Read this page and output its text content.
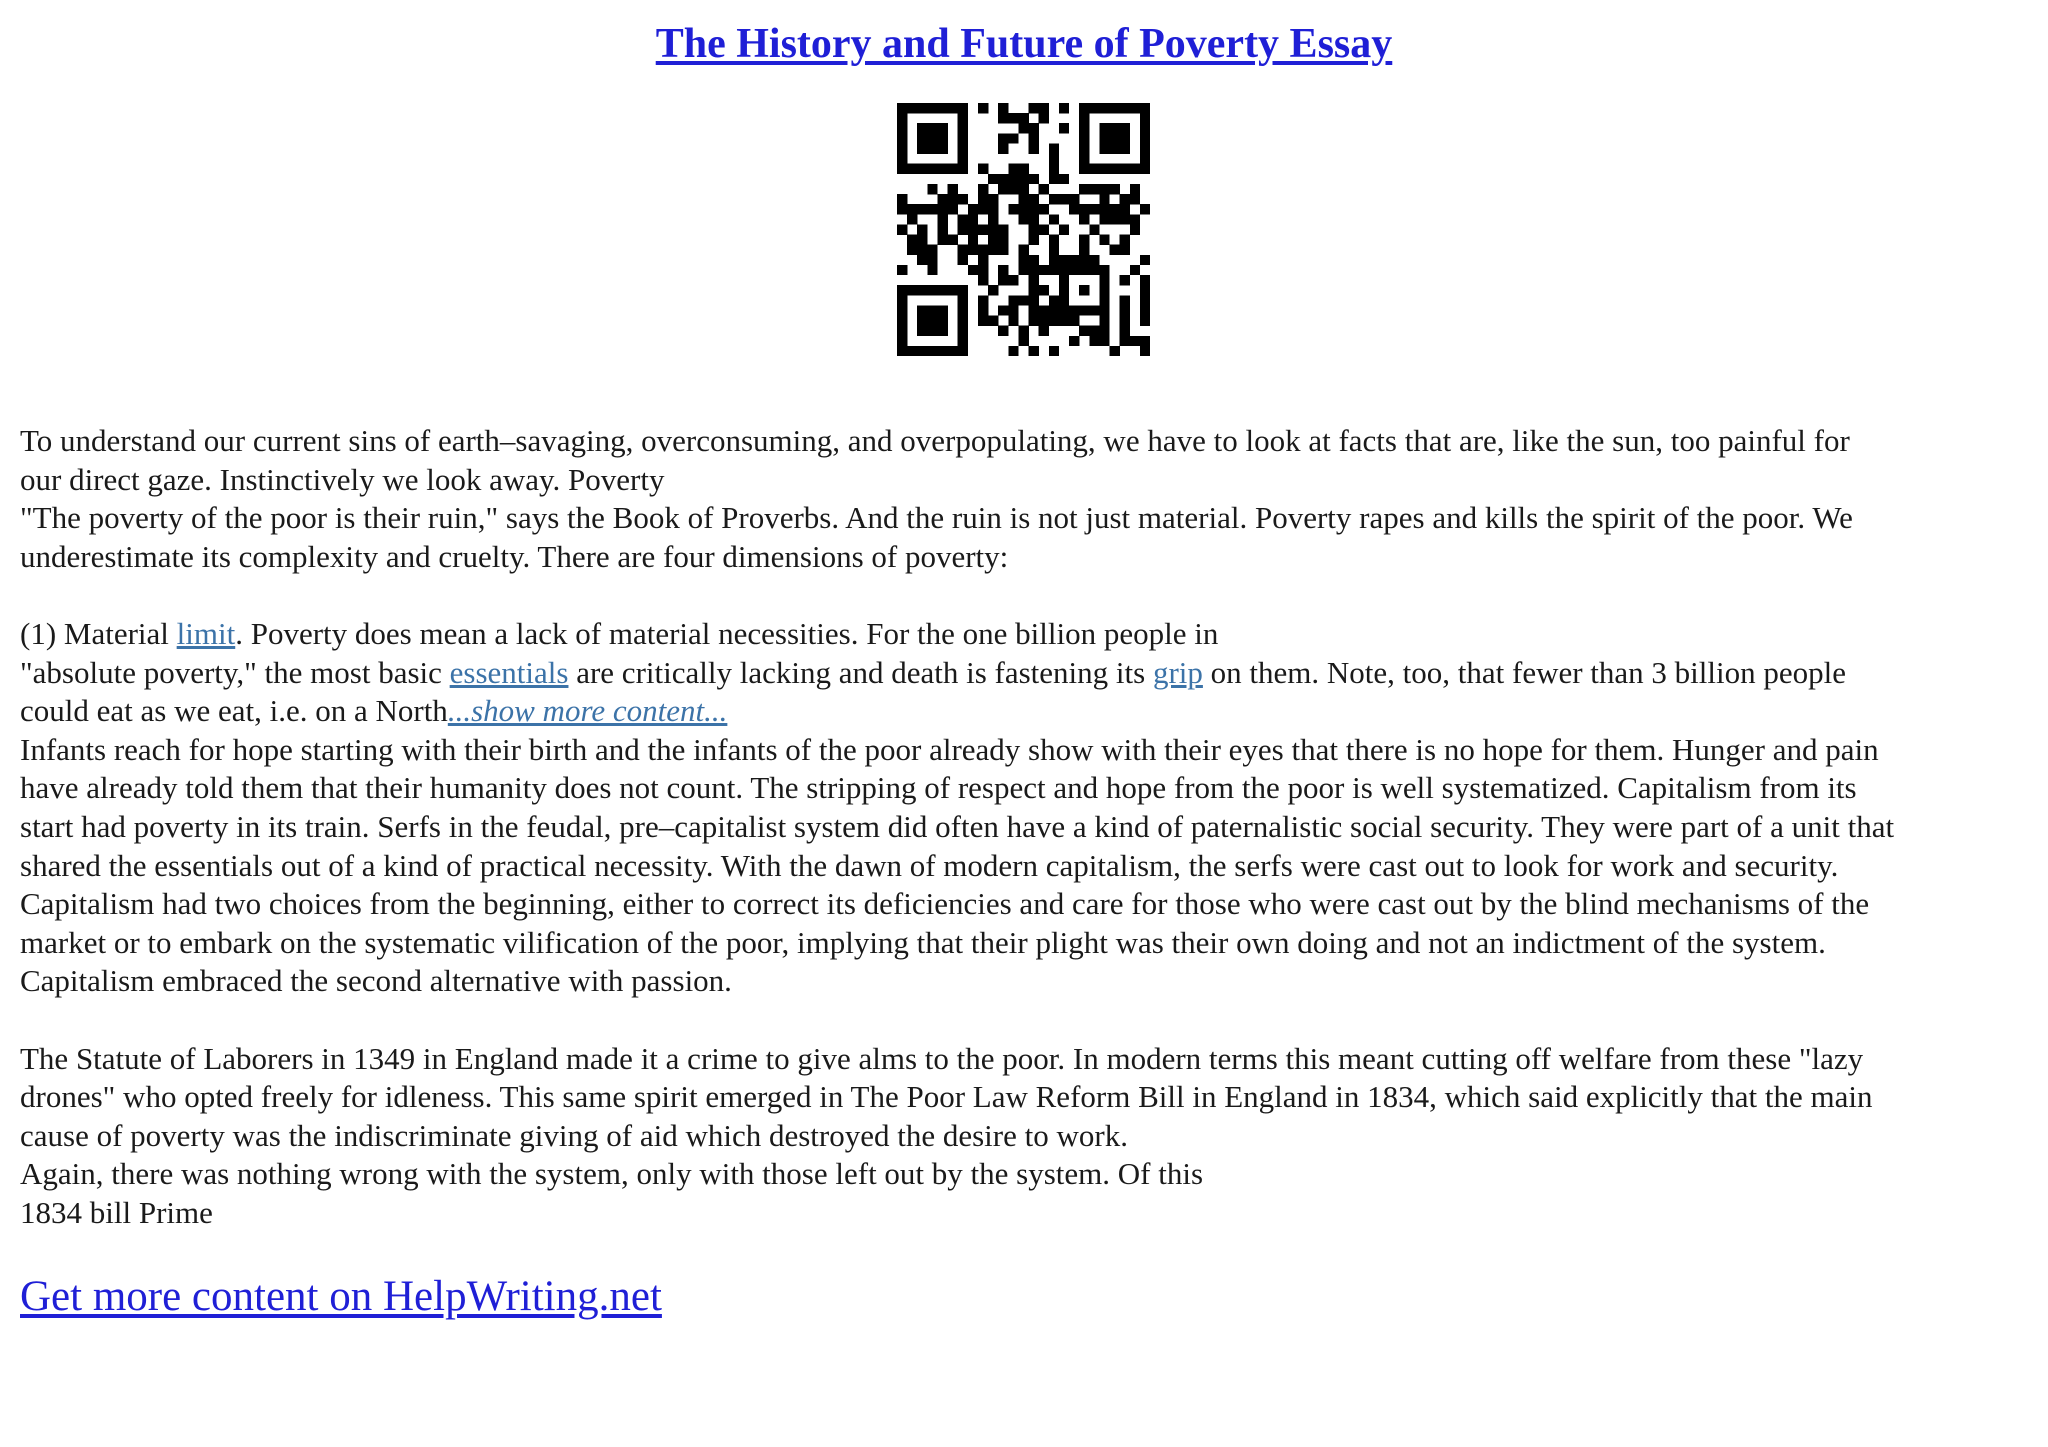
The History and Future of Poverty Essay

To understand our current sins of earth–savaging, overconsuming, and overpopulating, we have to look at facts that are, like the sun, too painful for
our direct gaze. Instinctively we look away. Poverty
"The poverty of the poor is their ruin," says the Book of Proverbs. And the ruin is not just material. Poverty rapes and kills the spirit of the poor. We
underestimate its complexity and cruelty. There are four dimensions of poverty:

(1) Material limit. Poverty does mean a lack of material necessities. For the one billion people in
"absolute poverty," the most basic essentials are critically lacking and death is fastening its grip on them. Note, too, that fewer than 3 billion people
could eat as we eat, i.e. on a North...show more content...

Infants reach for hope starting with their birth and the infants of the poor already show with their eyes that there is no hope for them. Hunger and pain
have already told them that their humanity does not count. The stripping of respect and hope from the poor is well systematized. Capitalism from its
start had poverty in its train. Serfs in the feudal, pre–capitalist system did often have a kind of paternalistic social security. They were part of a unit that
shared the essentials out of a kind of practical necessity. With the dawn of modern capitalism, the serfs were cast out to look for work and security.
Capitalism had two choices from the beginning, either to correct its deficiencies and care for those who were cast out by the blind mechanisms of the
market or to embark on the systematic vilification of the poor, implying that their plight was their own doing and not an indictment of the system.
Capitalism embraced the second alternative with passion.

The Statute of Laborers in 1349 in England made it a crime to give alms to the poor. In modern terms this meant cutting off welfare from these "lazy
drones" who opted freely for idleness. This same spirit emerged in The Poor Law Reform Bill in England in 1834, which said explicitly that the main
cause of poverty was the indiscriminate giving of aid which destroyed the desire to work.
Again, there was nothing wrong with the system, only with those left out by the system. Of this
1834 bill Prime

Get more content on HelpWriting.net
